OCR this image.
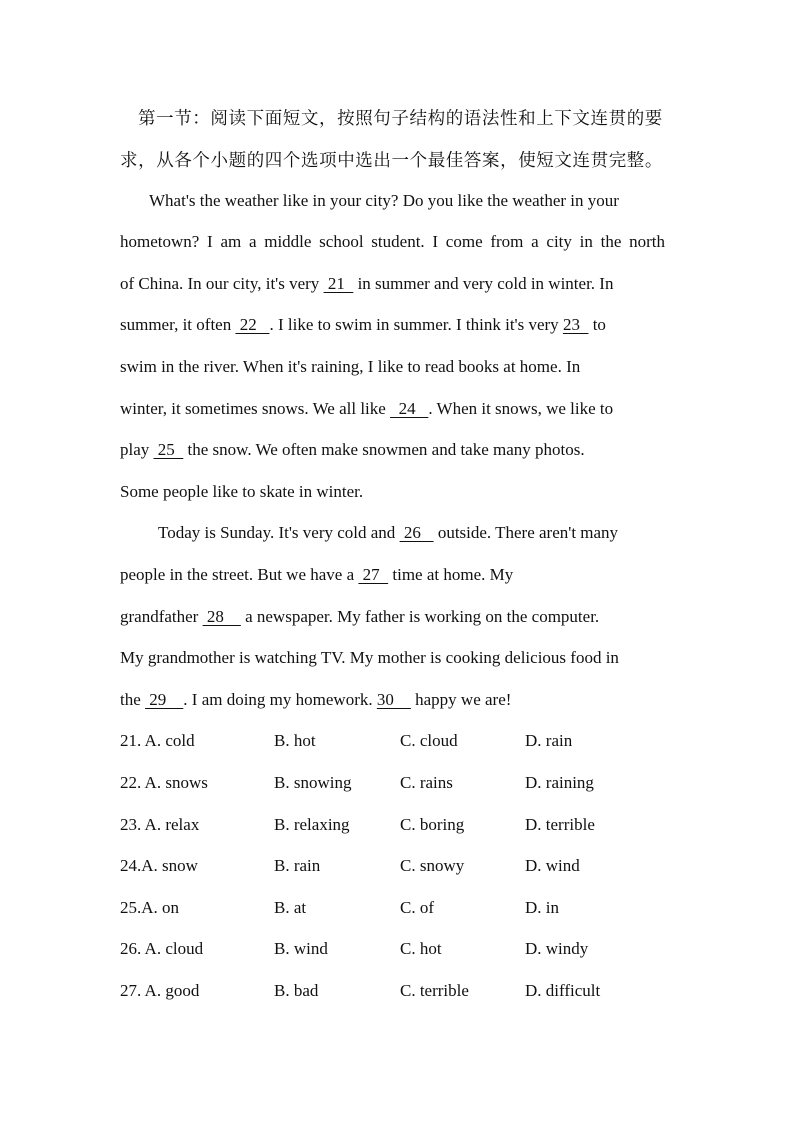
第一节：阅读下面短文，按照句子结构的语法性和上下文连贯的要
求，从各个小题的四个选项中选出一个最佳答案，使短文连贯完整。
What's the weather like in your city? Do you like the weather in your
hometown? I am a middle school student. I come from a city in the north
of China. In our city, it's very  21   in summer and very cold in winter. In
summer, it often  22   . I like to swim in summer. I think it's very 23   to
swim in the river. When it's raining, I like to read books at home. In
winter, it sometimes snows. We all like   24   . When it snows, we like to
play  25   the snow. We often make snowmen and take many photos.
Some people like to skate in winter.
Today is Sunday. It's very cold and  26    outside. There aren't many
people in the street. But we have a  27   time at home. My
grandfather  28     a newspaper. My father is working on the computer.
My grandmother is watching TV. My mother is cooking delicious food in
the  29    . I am doing my homework. 30     happy we are!
21. A. cold	B. hot	C. cloud	D. rain
22. A. snows	B. snowing	C. rains	D. raining
23. A. relax	B. relaxing	C. boring	D. terrible
24.A. snow	B. rain	C. snowy	D. wind
25.A. on	B. at	C. of	D. in
26. A. cloud	B. wind	C. hot	D. windy
27. A. good	B. bad	C. terrible	D. difficult
